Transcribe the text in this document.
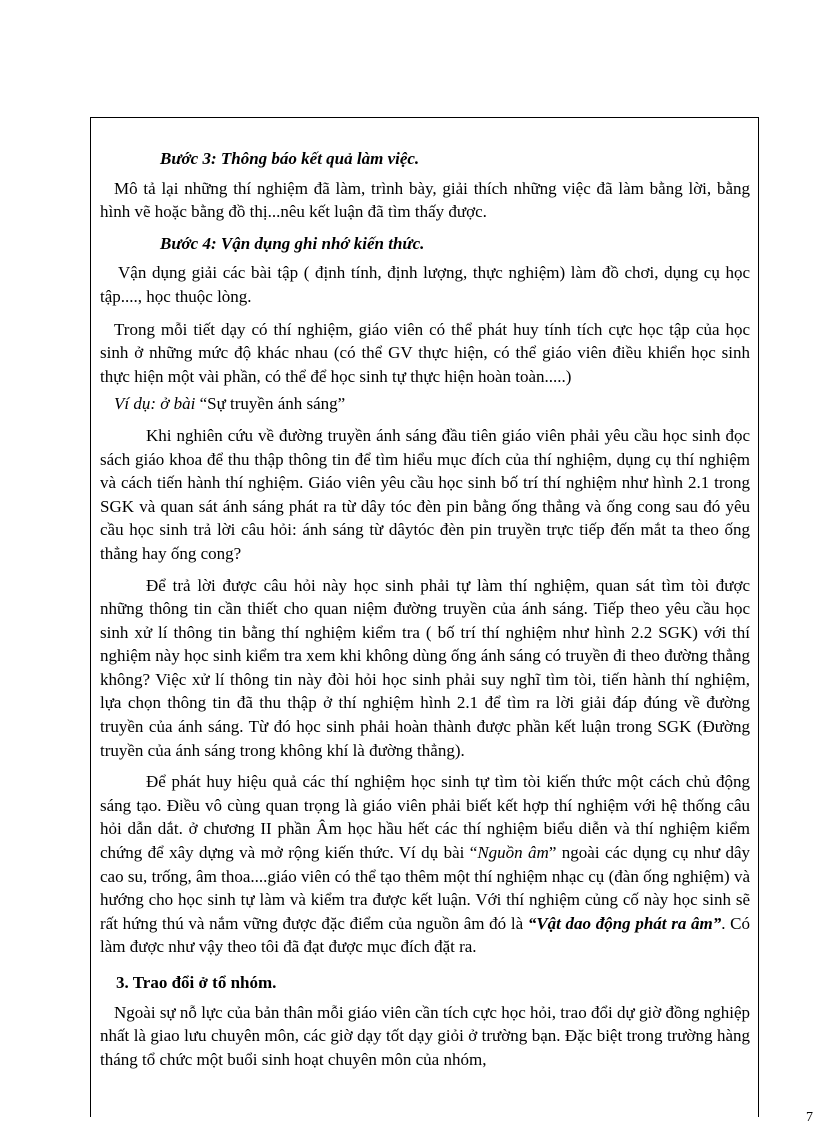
Bước 3: Thông báo kết quả làm việc.

Mô tả lại những thí nghiệm đã làm, trình bày, giải thích những việc đã làm bằng lời, bằng hình vẽ hoặc bằng đồ thị...nêu kết luận đã tìm thấy được.

Bước 4: Vận dụng ghi nhớ kiến thức.

Vận dụng giải các bài tập ( định tính, định lượng, thực nghiệm) làm đồ chơi, dụng cụ học tập...., học thuộc lòng.

Trong mỗi tiết dạy có thí nghiệm, giáo viên có thể phát huy tính tích cực học tập của học sinh ở những mức độ khác nhau (có thể GV thực hiện, có thể giáo viên điều khiển học sinh thực hiện một vài phần, có thể để học sinh tự thực hiện hoàn toàn.....)

Ví dụ: ở bài “Sự truyền ánh sáng”

Khi nghiên cứu về đường truyền ánh sáng đầu tiên giáo viên phải yêu cầu học sinh đọc sách giáo khoa để thu thập thông tin để tìm hiểu mục đích của thí nghiệm, dụng cụ thí nghiệm và cách tiến hành thí nghiệm. Giáo viên yêu cầu học sinh bố trí thí nghiệm như hình 2.1 trong SGK và quan sát ánh sáng phát ra từ dây tóc đèn pin bằng ống thẳng và ống cong sau đó yêu cầu học sinh trả lời câu hỏi: ánh sáng từ dâytóc đèn pin truyền trực tiếp đến mắt ta theo ống thẳng hay ống cong?

Để trả lời được câu hỏi này học sinh phải tự làm thí nghiệm, quan sát tìm tòi được những thông tin cần thiết cho quan niệm đường truyền của ánh sáng. Tiếp theo yêu cầu học sinh xử lí thông tin bằng thí nghiệm kiểm tra ( bố trí thí nghiệm như hình 2.2 SGK) với thí nghiệm này học sinh kiểm tra xem khi không dùng ống ánh sáng có truyền đi theo đường thẳng không? Việc xử lí thông tin này đòi hỏi học sinh phải suy nghĩ tìm tòi, tiến hành thí nghiệm, lựa chọn thông tin đã thu thập ở thí nghiệm hình 2.1 để tìm ra lời giải đáp đúng về đường truyền của ánh sáng. Từ đó học sinh phải hoàn thành được phần kết luận trong SGK (Đường truyền của ánh sáng trong không khí là đường thẳng).

Để phát huy hiệu quả các thí nghiệm học sinh tự tìm tòi kiến thức một cách chủ động sáng tạo. Điều vô cùng quan trọng là giáo viên phải biết kết hợp thí nghiệm với hệ thống câu hỏi dẫn dắt. ở chương II phần Âm học hầu hết các thí nghiệm biểu diễn và thí nghiệm kiểm chứng để xây dựng và mở rộng kiến thức. Ví dụ bài “Nguồn âm” ngoài các dụng cụ như dây cao su, trống, âm thoa....giáo viên có thể tạo thêm một thí nghiệm nhạc cụ (đàn ống nghiệm) và hướng cho học sinh tự làm và kiểm tra được kết luận. Với thí nghiệm củng cố này học sinh sẽ rất hứng thú và nắm vững được đặc điểm của nguồn âm đó là “Vật dao động phát ra âm”. Có làm được như vậy theo tôi đã đạt được mục đích đặt ra.

3. Trao đổi ở tổ nhóm.

Ngoài sự nỗ lực của bản thân mỗi giáo viên cần tích cực học hỏi, trao đổi dự giờ đồng nghiệp nhất là giao lưu chuyên môn, các giờ dạy tốt dạy giỏi ở trường bạn. Đặc biệt trong trường hàng tháng tổ chức một buổi sinh hoạt chuyên môn của nhóm,

7
